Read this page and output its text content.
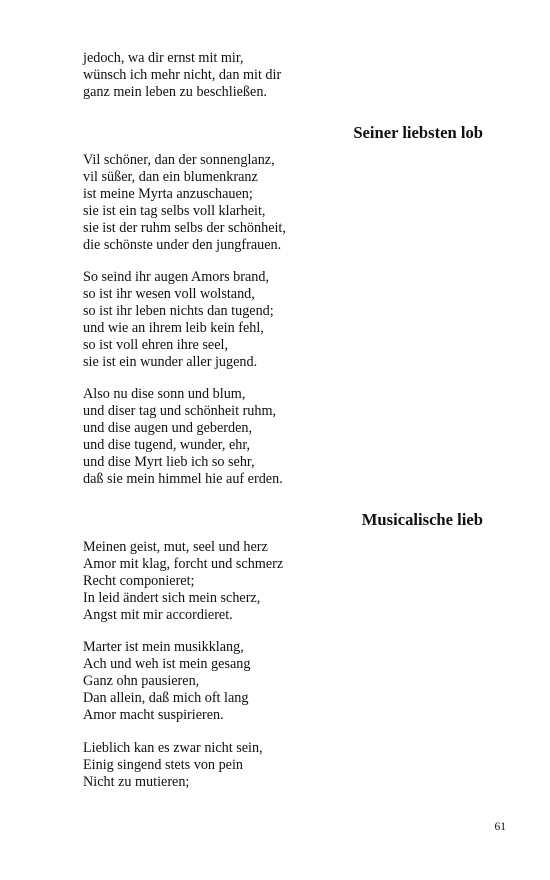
jedoch, wa dir ernst mit mir,
wünsch ich mehr nicht, dan mit dir
ganz mein leben zu beschließen.
Seiner liebsten lob
Vil schöner, dan der sonnenglanz,
vil süßer, dan ein blumenkranz
ist meine Myrta anzuschauen;
sie ist ein tag selbs voll klarheit,
sie ist der ruhm selbs der schönheit,
die schönste under den jungfrauen.
So seind ihr augen Amors brand,
so ist ihr wesen voll wolstand,
so ist ihr leben nichts dan tugend;
und wie an ihrem leib kein fehl,
so ist voll ehren ihre seel,
sie ist ein wunder aller jugend.
Also nu dise sonn und blum,
und diser tag und schönheit ruhm,
und dise augen und geberden,
und dise tugend, wunder, ehr,
und dise Myrt lieb ich so sehr,
daß sie mein himmel hie auf erden.
Musicalische lieb
Meinen geist, mut, seel und herz
Amor mit klag, forcht und schmerz
Recht componieret;
In leid ändert sich mein scherz,
Angst mit mir accordieret.
Marter ist mein musikklang,
Ach und weh ist mein gesang
Ganz ohn pausieren,
Dan allein, daß mich oft lang
Amor macht suspirieren.
Lieblich kan es zwar nicht sein,
Einig singend stets von pein
Nicht zu mutieren;
61
